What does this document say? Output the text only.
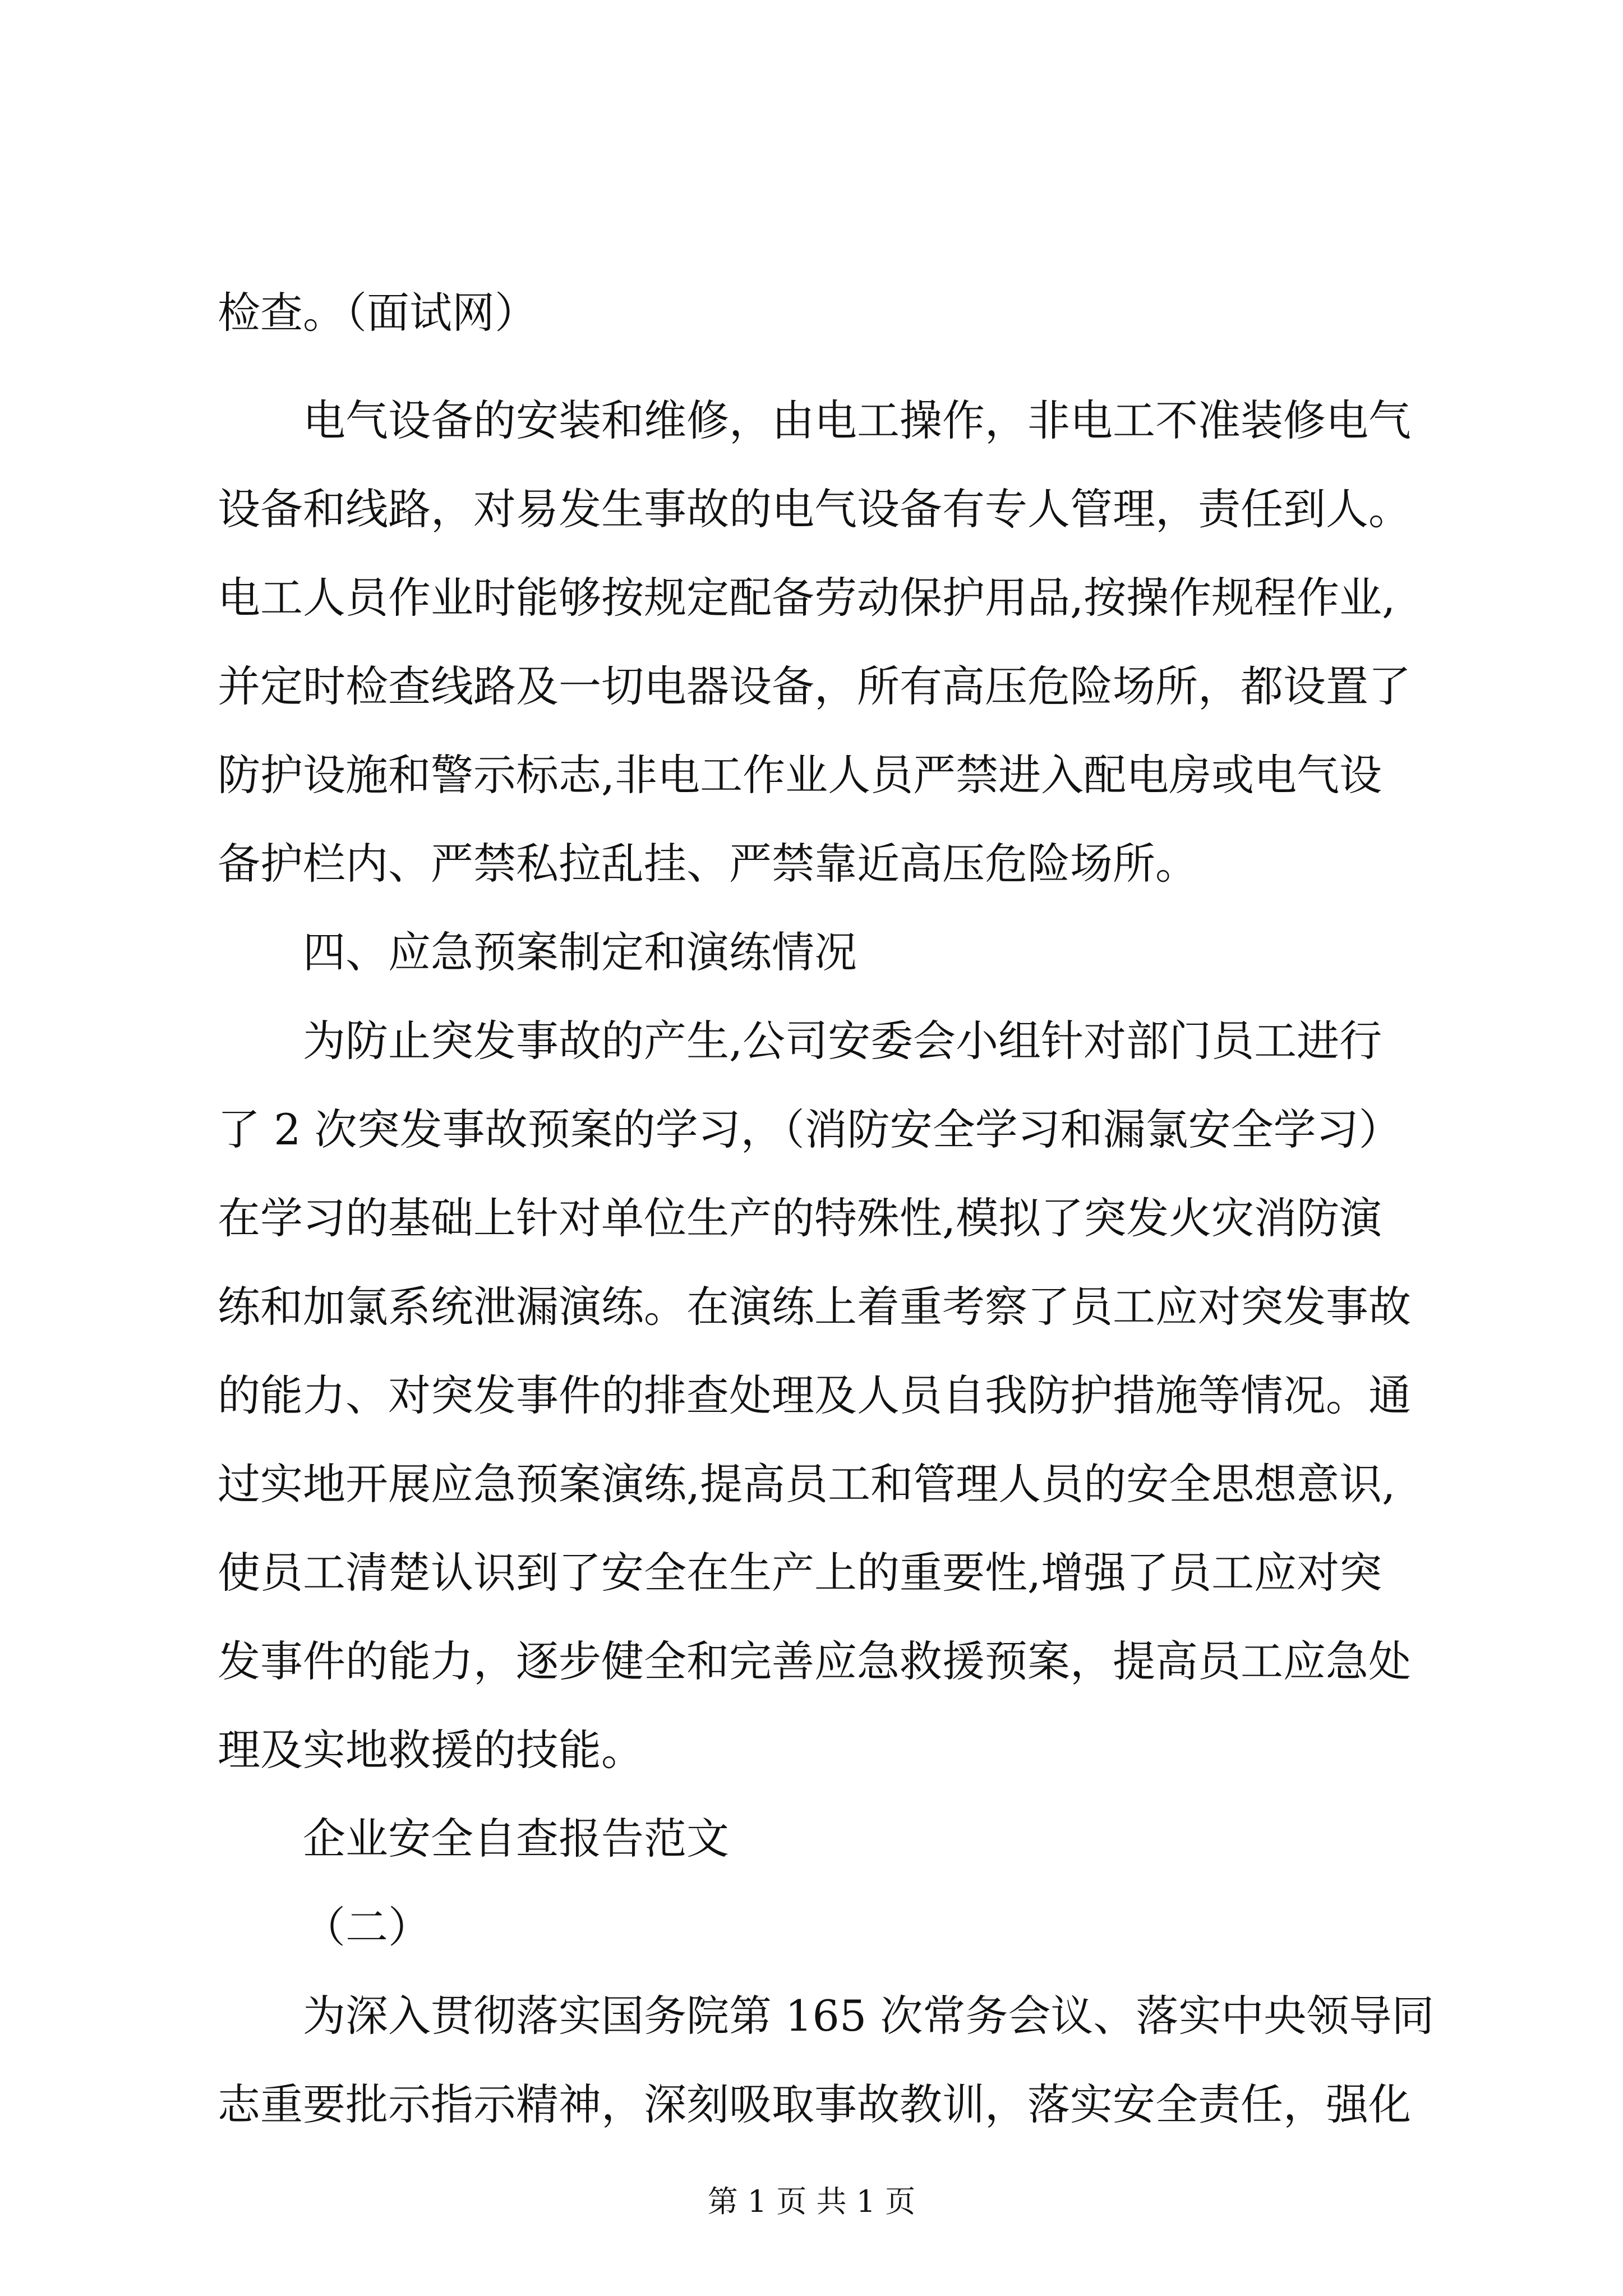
检查。（面试网）
电气设备的安装和维修，由电工操作，非电工不准装修电气
设备和线路，对易发生事故的电气设备有专人管理，责任到人。
电工人员作业时能够按规定配备劳动保护用品,按操作规程作业,
并定时检查线路及一切电器设备，所有高压危险场所，都设置了
防护设施和警示标志,非电工作业人员严禁进入配电房或电气设
备护栏内、严禁私拉乱挂、严禁靠近高压危险场所。
四、应急预案制定和演练情况
为防止突发事故的产生,公司安委会小组针对部门员工进行
了 2 次突发事故预案的学习，（消防安全学习和漏氯安全学习）
在学习的基础上针对单位生产的特殊性,模拟了突发火灾消防演
练和加氯系统泄漏演练。在演练上着重考察了员工应对突发事故
的能力、对突发事件的排查处理及人员自我防护措施等情况。通
过实地开展应急预案演练,提高员工和管理人员的安全思想意识,
使员工清楚认识到了安全在生产上的重要性,增强了员工应对突
发事件的能力，逐步健全和完善应急救援预案，提高员工应急处
理及实地救援的技能。
企业安全自查报告范文
（二）
为深入贯彻落实国务院第 165 次常务会议、落实中央领导同
志重要批示指示精神，深刻吸取事故教训，落实安全责任，强化
第 1 页 共 1 页
